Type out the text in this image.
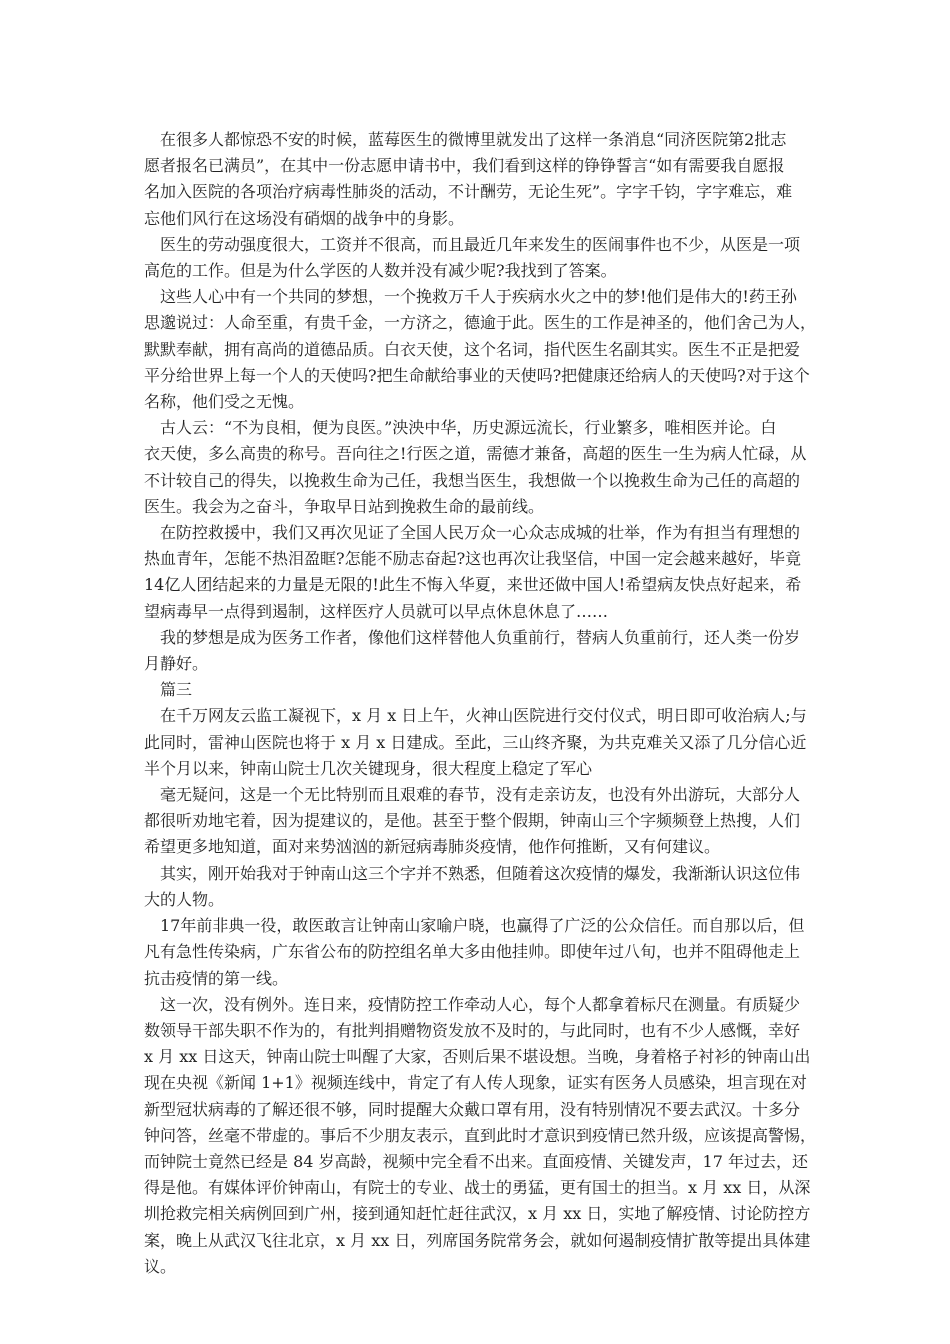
在很多人都惊恐不安的时候，蓝莓医生的微博里就发出了这样一条消息“同济医院第2批志
愿者报名已满员”，在其中一份志愿申请书中，我们看到这样的铮铮誓言“如有需要我自愿报
名加入医院的各项治疗病毒性肺炎的活动，不计酬劳，无论生死”。字字千钧，字字难忘，难
忘他们风行在这场没有硝烟的战争中的身影。
医生的劳动强度很大，工资并不很高，而且最近几年来发生的医闹事件也不少，从医是一项
高危的工作。但是为什么学医的人数并没有减少呢?我找到了答案。
这些人心中有一个共同的梦想，一个挽救万千人于疾病水火之中的梦!他们是伟大的!药王孙
思邈说过：人命至重，有贵千金，一方济之，德逾于此。医生的工作是神圣的，他们舍己为人，
默默奉献，拥有高尚的道德品质。白衣天使，这个名词，指代医生名副其实。医生不正是把爱
平分给世界上每一个人的天使吗?把生命献给事业的天使吗?把健康还给病人的天使吗?对于这个
名称，他们受之无愧。
古人云：“不为良相，便为良医。”泱泱中华，历史源远流长，行业繁多，唯相医并论。白
衣天使，多么高贵的称号。吾向往之!行医之道，需德才兼备，高超的医生一生为病人忙碌，从
不计较自己的得失，以挽救生命为己任，我想当医生，我想做一个以挽救生命为己任的高超的
医生。我会为之奋斗，争取早日站到挽救生命的最前线。
在防控救援中，我们又再次见证了全国人民万众一心众志成城的壮举，作为有担当有理想的
热血青年，怎能不热泪盈眶?怎能不励志奋起?这也再次让我坚信，中国一定会越来越好，毕竟
14亿人团结起来的力量是无限的!此生不悔入华夏，来世还做中国人!希望病友快点好起来，希
望病毒早一点得到遏制，这样医疗人员就可以早点休息休息了……
我的梦想是成为医务工作者，像他们这样替他人负重前行，替病人负重前行，还人类一份岁
月静好。
篇三
在千万网友云监工凝视下，x 月 x 日上午，火神山医院进行交付仪式，明日即可收治病人;与
此同时，雷神山医院也将于 x 月 x 日建成。至此，三山终齐聚，为共克难关又添了几分信心近
半个月以来，钟南山院士几次关键现身，很大程度上稳定了军心
毫无疑问，这是一个无比特别而且艰难的春节，没有走亲访友，也没有外出游玩，大部分人
都很听劝地宅着，因为提建议的，是他。甚至于整个假期，钟南山三个字频频登上热搜，人们
希望更多地知道，面对来势汹汹的新冠病毒肺炎疫情，他作何推断，又有何建议。
其实，刚开始我对于钟南山这三个字并不熟悉，但随着这次疫情的爆发，我渐渐认识这位伟
大的人物。
17年前非典一役，敢医敢言让钟南山家喻户晓，也赢得了广泛的公众信任。而自那以后，但
凡有急性传染病，广东省公布的防控组名单大多由他挂帅。即使年过八旬，也并不阻碍他走上
抗击疫情的第一线。
这一次，没有例外。连日来，疫情防控工作牵动人心，每个人都拿着标尺在测量。有质疑少
数领导干部失职不作为的，有批判捐赠物资发放不及时的，与此同时，也有不少人感慨，幸好
x 月 xx 日这天，钟南山院士叫醒了大家，否则后果不堪设想。当晚，身着格子衬衫的钟南山出
现在央视《新闻 1+1》视频连线中，肯定了有人传人现象，证实有医务人员感染，坦言现在对
新型冠状病毒的了解还很不够，同时提醒大众戴口罩有用，没有特别情况不要去武汉。十多分
钟问答，丝毫不带虚的。事后不少朋友表示，直到此时才意识到疫情已然升级，应该提高警惕，
而钟院士竟然已经是 84 岁高龄，视频中完全看不出来。直面疫情、关键发声，17 年过去，还
得是他。有媒体评价钟南山，有院士的专业、战士的勇猛，更有国士的担当。x 月 xx 日，从深
圳抢救完相关病例回到广州，接到通知赶忙赶往武汉，x 月 xx 日，实地了解疫情、讨论防控方
案，晚上从武汉飞往北京，x 月 xx 日，列席国务院常务会，就如何遏制疫情扩散等提出具体建
议。
